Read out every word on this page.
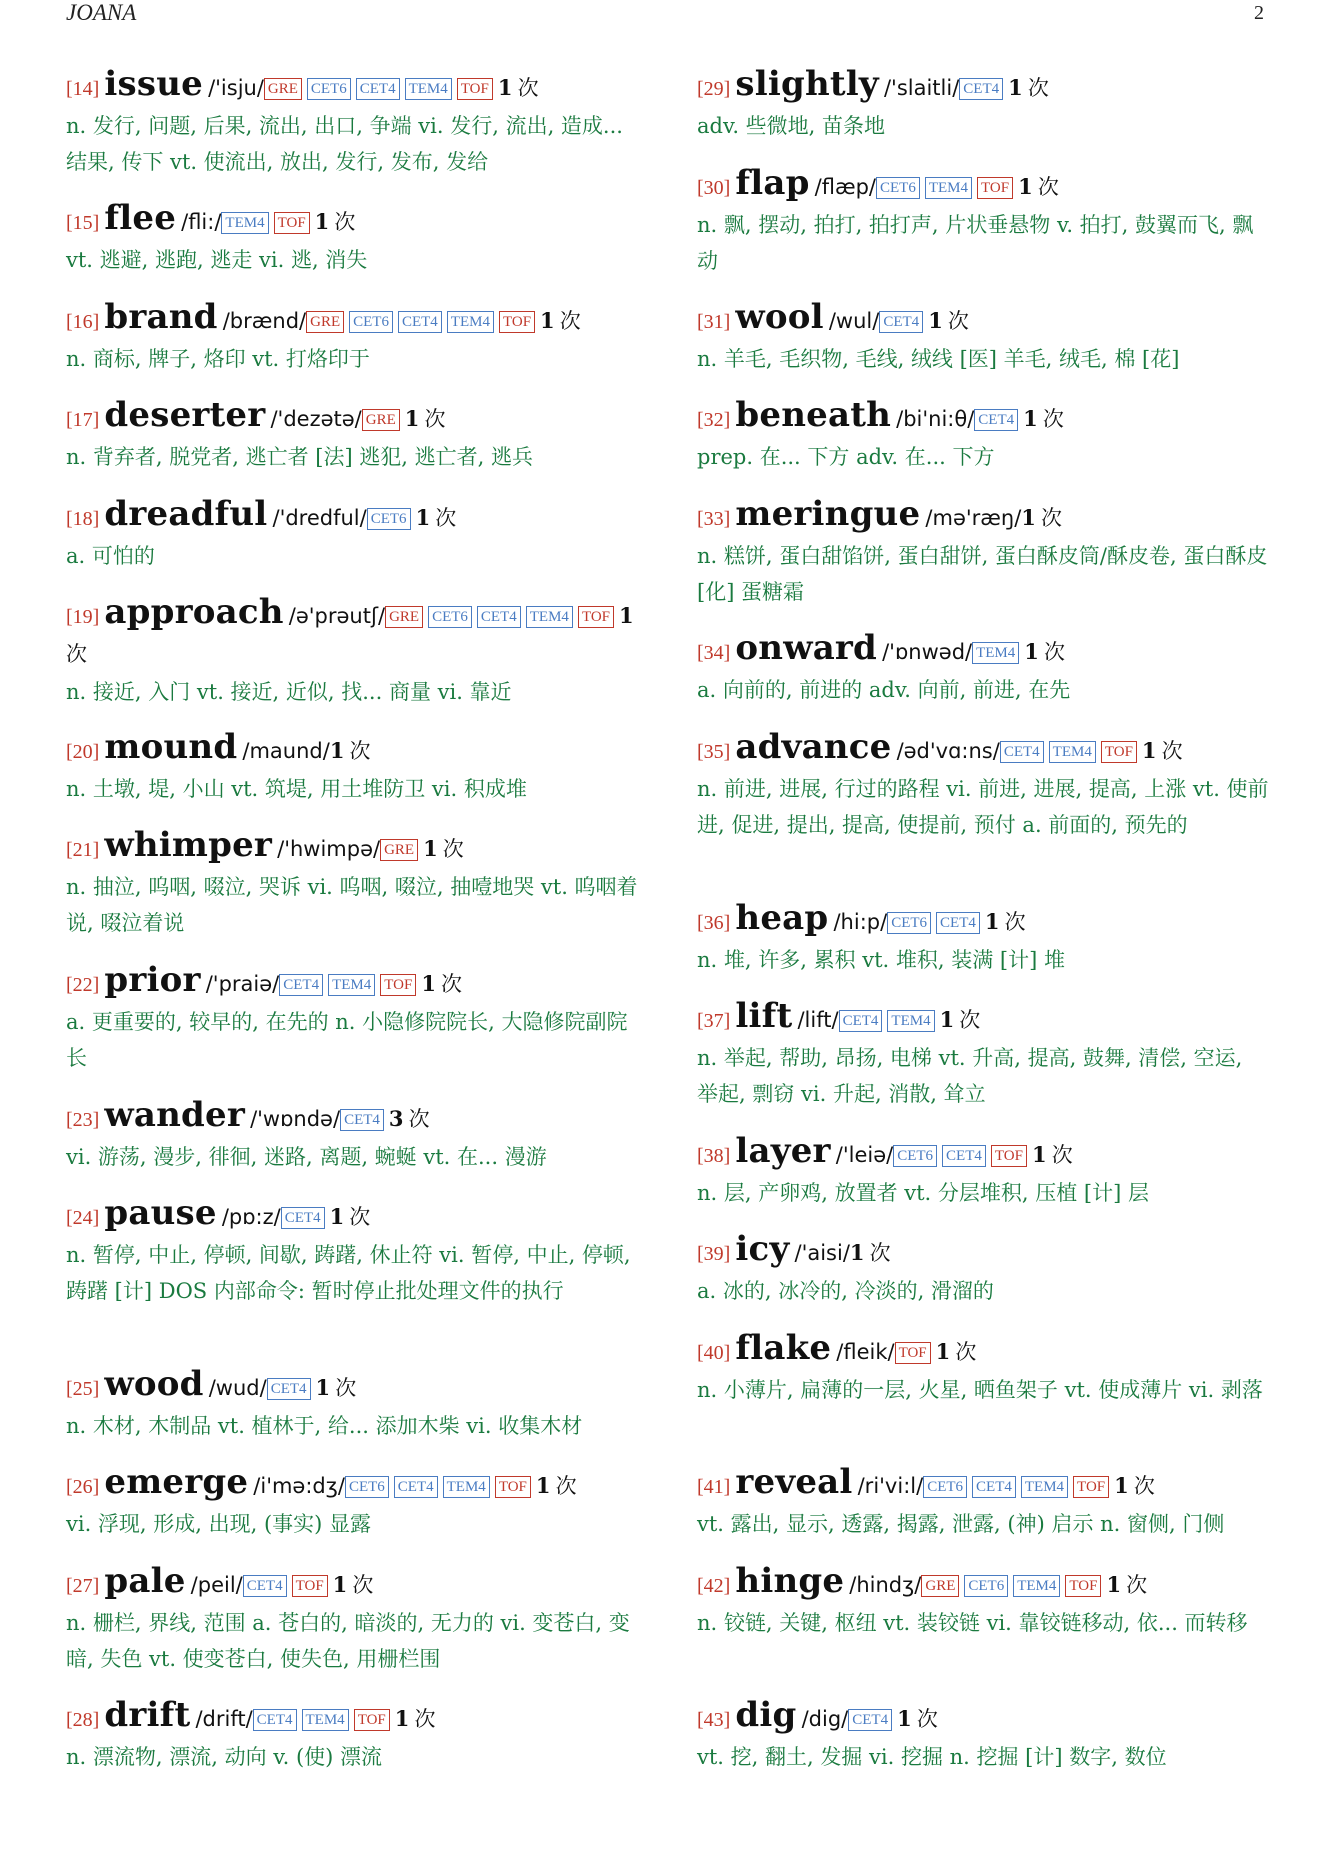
JOANA	2
[14] issue /'isju/ GRE CET6 CET4 TEM4 TOF 1 次
n. 发行, 问题, 后果, 流出, 出口, 争端 vi. 发行, 流出, 造成... 结果, 传下 vt. 使流出, 放出, 发行, 发布, 发给
[15] flee /fli:/ TEM4 TOF 1 次
vt. 逃避, 逃跑, 逃走 vi. 逃, 消失
[16] brand /brænd/ GRE CET6 CET4 TEM4 TOF 1 次
n. 商标, 牌子, 烙印 vt. 打烙印于
[17] deserter /'dezətə/ GRE 1 次
n. 背弃者, 脱党者, 逃亡者 [法] 逃犯, 逃亡者, 逃兵
[18] dreadful /'dredful/ CET6 1 次
a. 可怕的
[19] approach /ə'prəutʃ/ GRE CET6 CET4 TEM4 TOF 1 次
n. 接近, 入门 vt. 接近, 近似, 找... 商量 vi. 靠近
[20] mound /maund/1 次
n. 土墩, 堤, 小山 vt. 筑堤, 用土堆防卫 vi. 积成堆
[21] whimper /'hwimpə/ GRE 1 次
n. 抽泣, 呜咽, 啜泣, 哭诉 vi. 呜咽, 啜泣, 抽噎地哭 vt. 呜咽着说, 啜泣着说
[22] prior /'praiə/ CET4 TEM4 TOF 1 次
a. 更重要的, 较早的, 在先的 n. 小隐修院院长, 大隐修院副院长
[23] wander /'wɒndə/ CET4 3 次
vi. 游荡, 漫步, 徘徊, 迷路, 离题, 蜿蜒 vt. 在... 漫游
[24] pause /pɒ:z/ CET4 1 次
n. 暂停, 中止, 停顿, 间歇, 踌躇, 休止符 vi. 暂停, 中止, 停顿, 踌躇 [计] DOS 内部命令: 暂时停止批处理文件的执行
[25] wood /wud/ CET4 1 次
n. 木材, 木制品 vt. 植林于, 给... 添加木柴 vi. 收集木材
[26] emerge /i'mə:dʒ/ CET6 CET4 TEM4 TOF 1 次
vi. 浮现, 形成, 出现, (事实) 显露
[27] pale /peil/ CET4 TOF 1 次
n. 栅栏, 界线, 范围 a. 苍白的, 暗淡的, 无力的 vi. 变苍白, 变暗, 失色 vt. 使变苍白, 使失色, 用栅栏围
[28] drift /drift/ CET4 TEM4 TOF 1 次
n. 漂流物, 漂流, 动向 v. (使) 漂流
[29] slightly /'slaitli/ CET4 1 次
adv. 些微地, 苗条地
[30] flap /flæp/ CET6 TEM4 TOF 1 次
n. 飘, 摆动, 拍打, 拍打声, 片状垂悬物 v. 拍打, 鼓翼而飞, 飘动
[31] wool /wul/ CET4 1 次
n. 羊毛, 毛织物, 毛线, 绒线 [医] 羊毛, 绒毛, 棉 [花]
[32] beneath /bi'ni:θ/ CET4 1 次
prep. 在... 下方 adv. 在... 下方
[33] meringue /mə'ræŋ/1 次
n. 糕饼, 蛋白甜馅饼, 蛋白甜饼, 蛋白酥皮筒/酥皮卷, 蛋白酥皮 [化] 蛋糖霜
[34] onward /'ɒnwəd/ TEM4 1 次
a. 向前的, 前进的 adv. 向前, 前进, 在先
[35] advance /əd'vɑ:ns/ CET4 TEM4 TOF 1 次
n. 前进, 进展, 行过的路程 vi. 前进, 进展, 提高, 上涨 vt. 使前进, 促进, 提出, 提高, 使提前, 预付 a. 前面的, 预先的
[36] heap /hi:p/ CET6 CET4 1 次
n. 堆, 许多, 累积 vt. 堆积, 装满 [计] 堆
[37] lift /lift/ CET4 TEM4 1 次
n. 举起, 帮助, 昂扬, 电梯 vt. 升高, 提高, 鼓舞, 清偿, 空运, 举起, 剽窃 vi. 升起, 消散, 耸立
[38] layer /'leiə/ CET6 CET4 TOF 1 次
n. 层, 产卵鸡, 放置者 vt. 分层堆积, 压植 [计] 层
[39] icy /'aisi/1 次
a. 冰的, 冰冷的, 冷淡的, 滑溜的
[40] flake /fleik/ TOF 1 次
n. 小薄片, 扁薄的一层, 火星, 晒鱼架子 vt. 使成薄片 vi. 剥落
[41] reveal /ri'vi:l/ CET6 CET4 TEM4 TOF 1 次
vt. 露出, 显示, 透露, 揭露, 泄露, (神) 启示 n. 窗侧, 门侧
[42] hinge /hindʒ/ GRE CET6 TEM4 TOF 1 次
n. 铰链, 关键, 枢纽 vt. 装铰链 vi. 靠铰链移动, 依... 而转移
[43] dig /dig/ CET4 1 次
vt. 挖, 翻土, 发掘 vi. 挖掘 n. 挖掘 [计] 数字, 数位
